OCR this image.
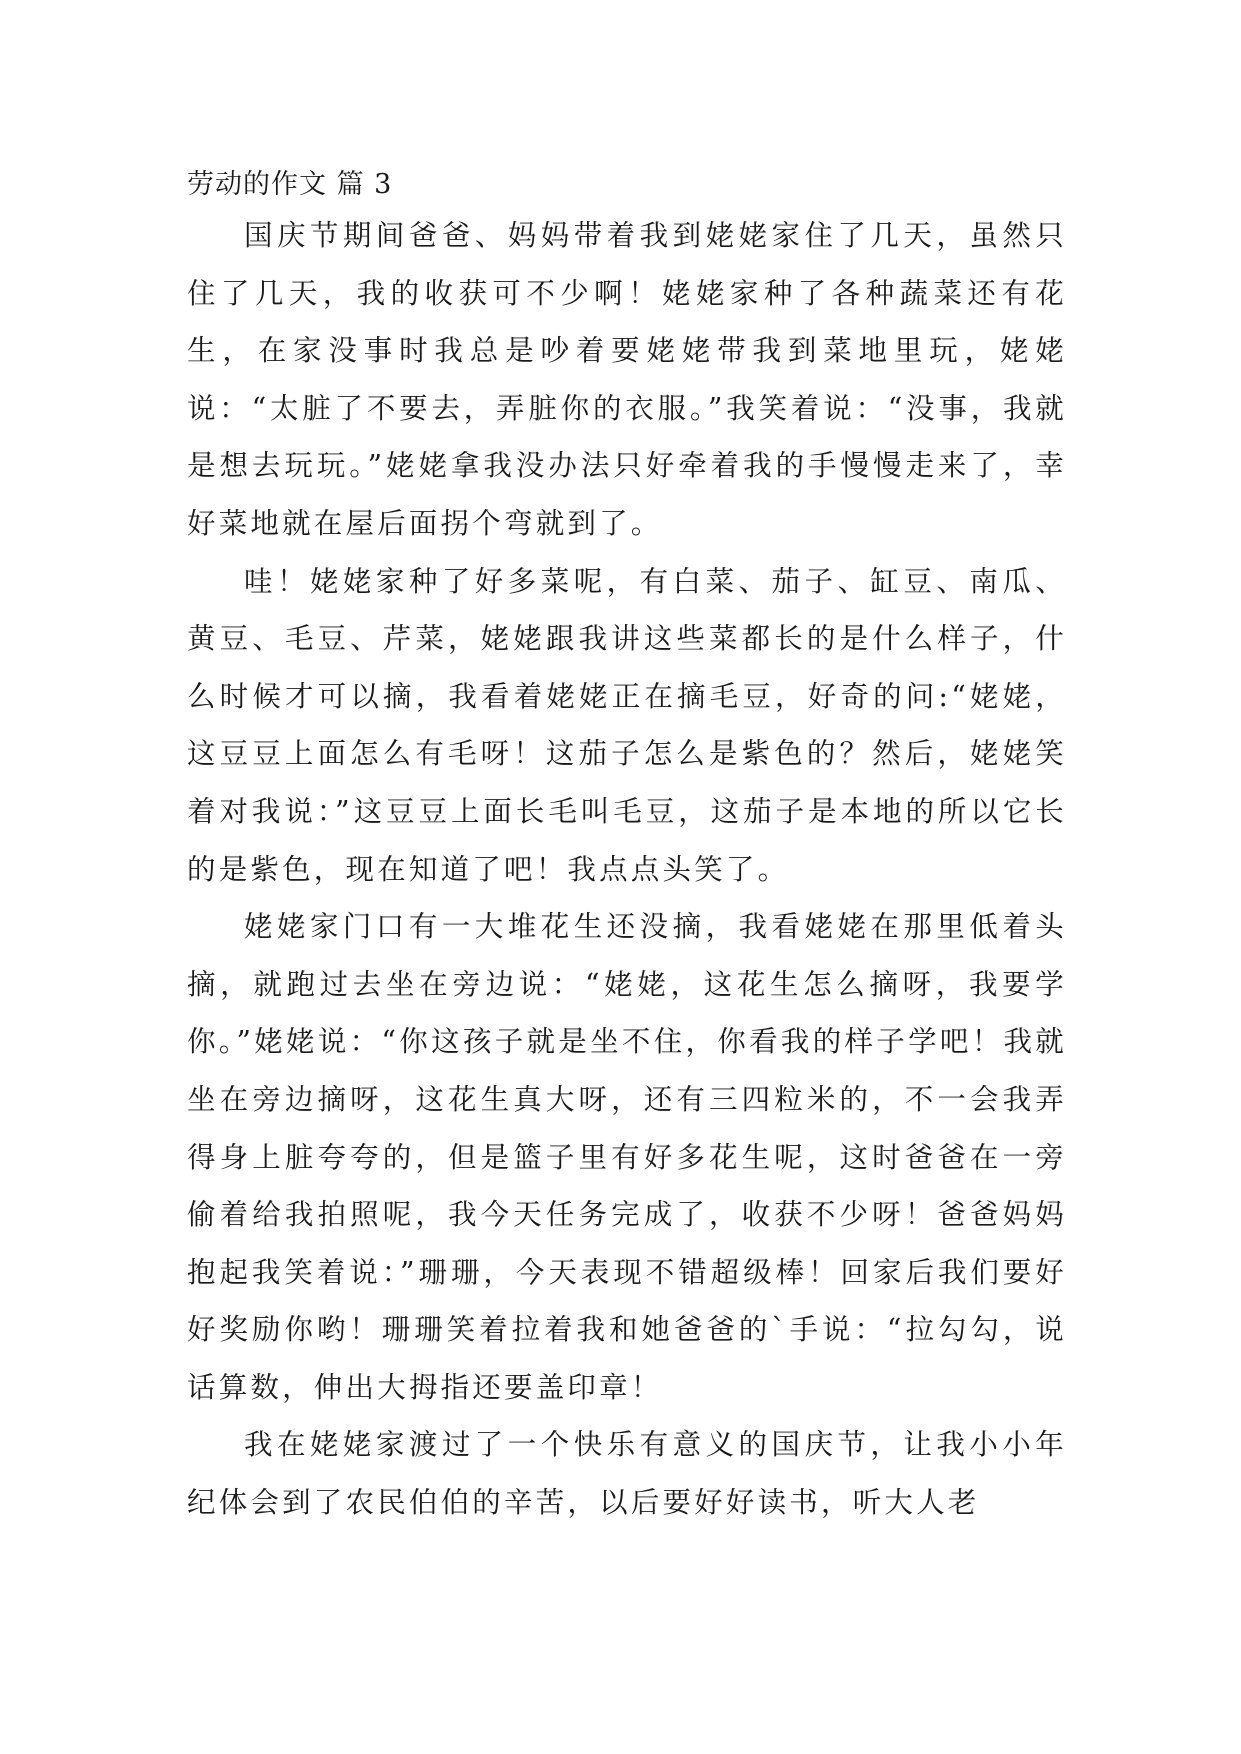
劳动的作文 篇 3

国庆节期间爸爸、妈妈带着我到姥姥家住了几天，虽然只住了几天，我的收获可不少啊！姥姥家种了各种蔬菜还有花生，在家没事时我总是吵着要姥姥带我到菜地里玩，姥姥说：“太脏了不要去，弄脏你的衣服。”我笑着说：“没事，我就是想去玩玩。”姥姥拿我没办法只好牵着我的手慢慢走来了，幸好菜地就在屋后面拐个弯就到了。

哇！姥姥家种了好多菜呢，有白菜、茄子、缸豆、南瓜、黄豆、毛豆、芹菜，姥姥跟我讲这些菜都长的是什么样子，什么时候才可以摘，我看着姥姥正在摘毛豆，好奇的问:“姥姥，这豆豆上面怎么有毛呀！这茄子怎么是紫色的？然后，姥姥笑着对我说：”这豆豆上面长毛叫毛豆，这茄子是本地的所以它长的是紫色，现在知道了吧！我点点头笑了。

姥姥家门口有一大堆花生还没摘，我看姥姥在那里低着头摘，就跑过去坐在旁边说：“姥姥，这花生怎么摘呀，我要学你。”姥姥说：“你这孩子就是坐不住，你看我的样子学吧！我就坐在旁边摘呀，这花生真大呀，还有三四粒米的，不一会我弄得身上脏夸夸的，但是篮子里有好多花生呢，这时爸爸在一旁偷着给我拍照呢，我今天任务完成了，收获不少呀！爸爸妈妈抱起我笑着说：”珊珊，今天表现不错超级棒！回家后我们要好好奖励你哟！珊珊笑着拉着我和她爸爸的`手说：“拉勾勾，说话算数，伸出大拇指还要盖印章！

我在姥姥家渡过了一个快乐有意义的国庆节，让我小小年纪体会到了农民伯伯的辛苦，以后要好好读书，听大人老
